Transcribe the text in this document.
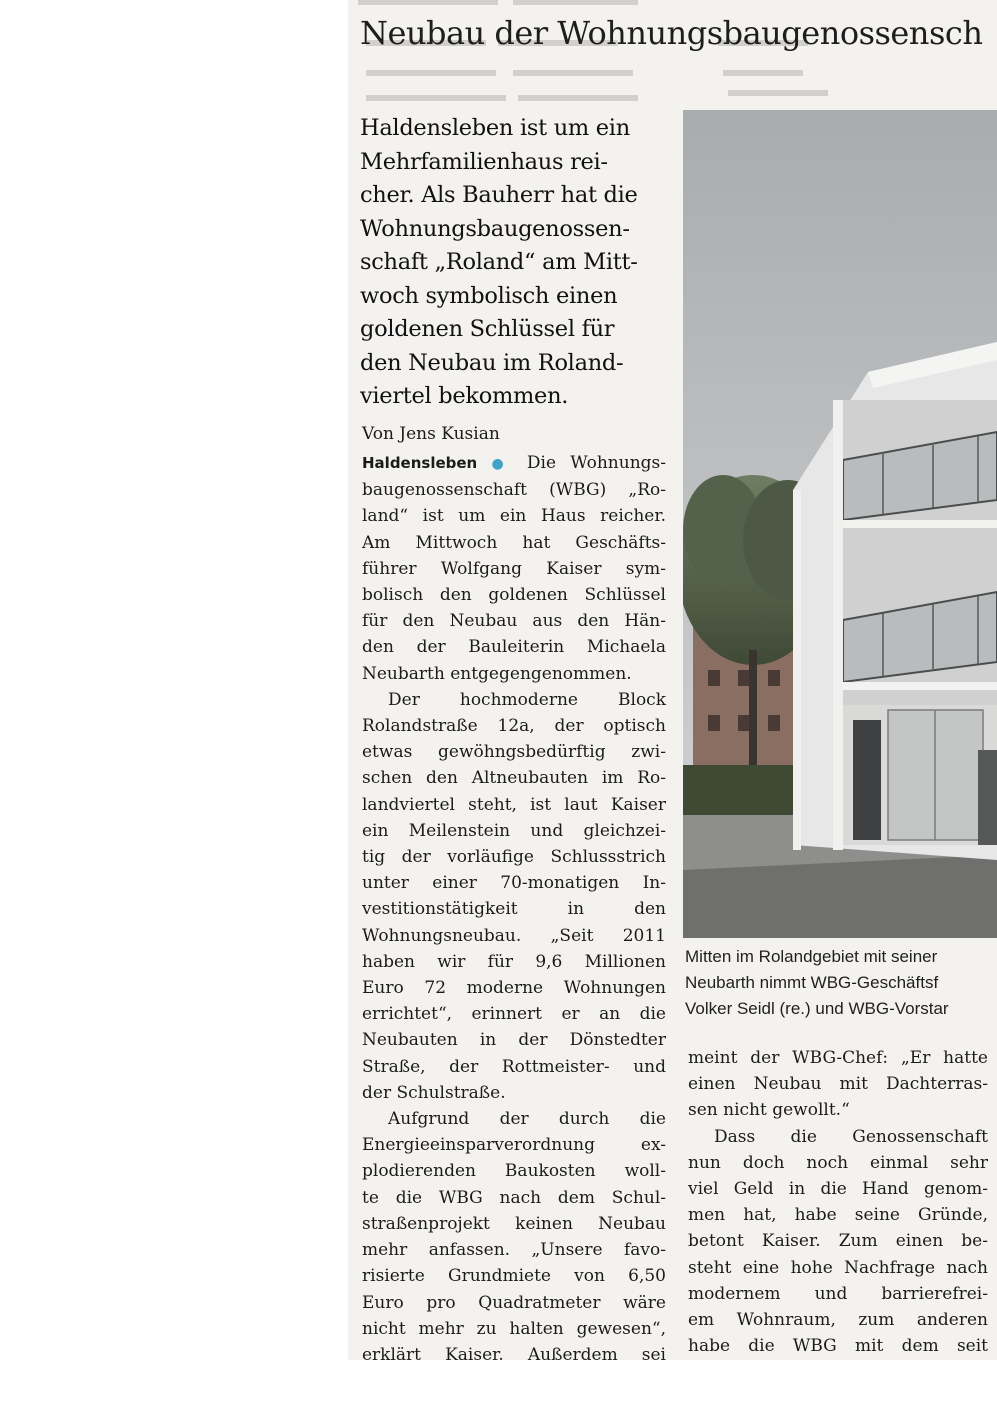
Neubau der Wohnungsbaugenossensch
Haldensleben ist um ein
Mehrfamilienhaus rei-
cher. Als Bauherr hat die
Wohnungsbaugenossen-
schaft „Roland“ am Mitt-
woch symbolisch einen
goldenen Schlüssel für
den Neubau im Roland-
viertel bekommen.
Von Jens Kusian
Haldensleben ● Die Wohnungs-
baugenossenschaft (WBG) „Ro-
land“ ist um ein Haus reicher.
Am Mittwoch hat Geschäfts-
führer Wolfgang Kaiser sym-
bolisch den goldenen Schlüssel
für den Neubau aus den Hän-
den der Bauleiterin Michaela
Neubarth entgegengenommen.
Der hochmoderne Block
Rolandstraße 12a, der optisch
etwas gewöhngsbedürftig zwi-
schen den Altneubauten im Ro-
landviertel steht, ist laut Kaiser
ein Meilenstein und gleichzei-
tig der vorläufige Schlussstrich
unter einer 70-monatigen In-
vestitionstätigkeit in den
Wohnungsneubau. „Seit 2011
haben wir für 9,6 Millionen
Euro 72 moderne Wohnungen
errichtet“, erinnert er an die
Neubauten in der Dönstedter
Straße, der Rottmeister- und
der Schulstraße.
Aufgrund der durch die
Energieeinsparverordnung ex-
plodierenden Baukosten woll-
te die WBG nach dem Schul-
straßenprojekt keinen Neubau
mehr anfassen. „Unsere favo-
risierte Grundmiete von 6,50
Euro pro Quadratmeter wäre
nicht mehr zu halten gewesen“,
erklärt Kaiser. Außerdem sei
Mitten im Rolandgebiet mit seiner
Neubarth nimmt WBG-Geschäftsf
Volker Seidl (re.) und WBG-Vorstar
meint der WBG-Chef: „Er hatte
einen Neubau mit Dachterras-
sen nicht gewollt.“
Dass die Genossenschaft
nun doch noch einmal sehr
viel Geld in die Hand genom-
men hat, habe seine Gründe,
betont Kaiser. Zum einen be-
steht eine hohe Nachfrage nach
modernem und barrierefrei-
em Wohnraum, zum anderen
habe die WBG mit dem seit
